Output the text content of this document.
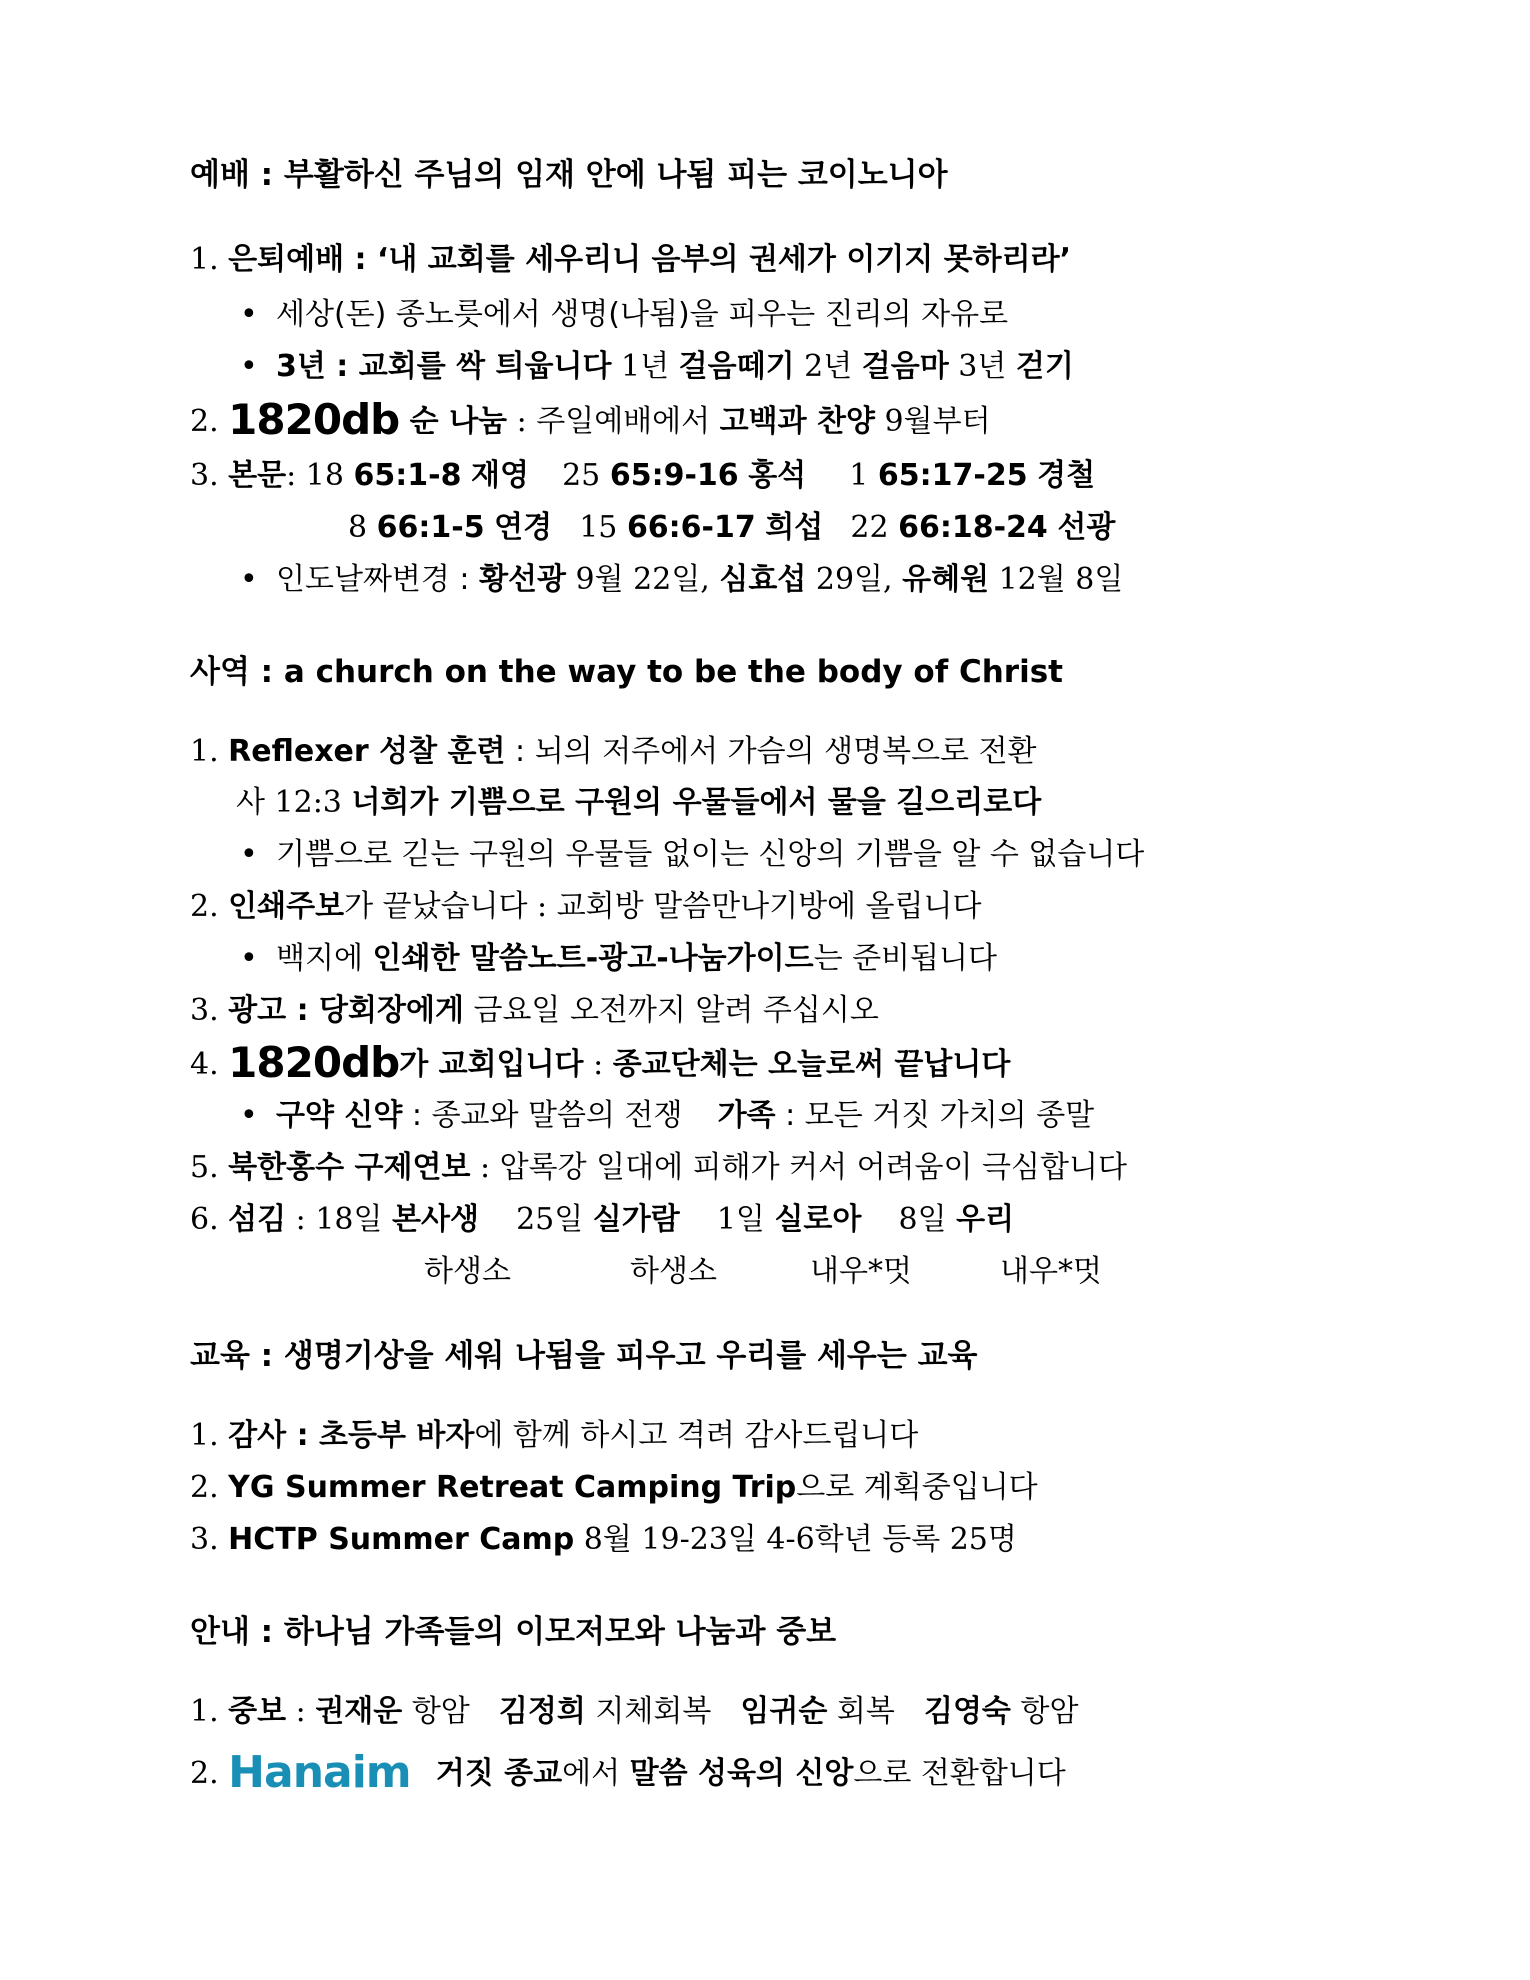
예배 : 부활하신 주님의 임재 안에 나됨 피는 코이노니아
1. 은퇴예배 : ‘내 교회를 세우리니 음부의 권세가 이기지 못하리라’
• 세상(돈) 종노릇에서 생명(나됨)을 피우는 진리의 자유로
• 3년 : 교회를 싹 틔웁니다 1년 걸음떼기 2년 걸음마 3년 걷기
2. 1820db 순 나눔 : 주일예배에서 고백과 찬양 9월부터
3. 본문: 18 65:1-8 재영 25 65:9-16 홍석 1 65:17-25 경철
8 66:1-5 연경 15 66:6-17 희섭 22 66:18-24 선광
• 인도날짜변경 : 황선광 9월 22일, 심효섭 29일, 유혜원 12월 8일
사역 : a church on the way to be the body of Christ
1. Reflexer 성찰 훈련 : 뇌의 저주에서 가슴의 생명복으로 전환
사 12:3 너희가 기쁨으로 구원의 우물들에서 물을 길으리로다
• 기쁨으로 긷는 구원의 우물들 없이는 신앙의 기쁨을 알 수 없습니다
2. 인쇄주보가 끝났습니다 : 교회방 말씀만나기방에 올립니다
• 백지에 인쇄한 말씀노트-광고-나눔가이드는 준비됩니다
3. 광고 : 당회장에게 금요일 오전까지 알려 주십시오
4. 1820db가 교회입니다 : 종교단체는 오늘로써 끝납니다
• 구약 신약 : 종교와 말씀의 전쟁 가족 : 모든 거짓 가치의 종말
5. 북한홍수 구제연보 : 압록강 일대에 피해가 커서 어려움이 극심합니다
6. 섬김 : 18일 본사생 25일 실가람 1일 실로아 8일 우리
하생소	하생소	내우*멋	내우*멋
교육 : 생명기상을 세워 나됨을 피우고 우리를 세우는 교육
1. 감사 : 초등부 바자에 함께 하시고 격려 감사드립니다
2. YG Summer Retreat Camping Trip으로 계획중입니다
3. HCTP Summer Camp 8월 19-23일 4-6학년 등록 25명
안내 : 하나님 가족들의 이모저모와 나눔과 중보
1. 중보 : 권재운 항암 김정희 지체회복 임귀순 회복 김영숙 항암
2. Hanaim 거짓 종교에서 말씀 성육의 신앙으로 전환합니다
